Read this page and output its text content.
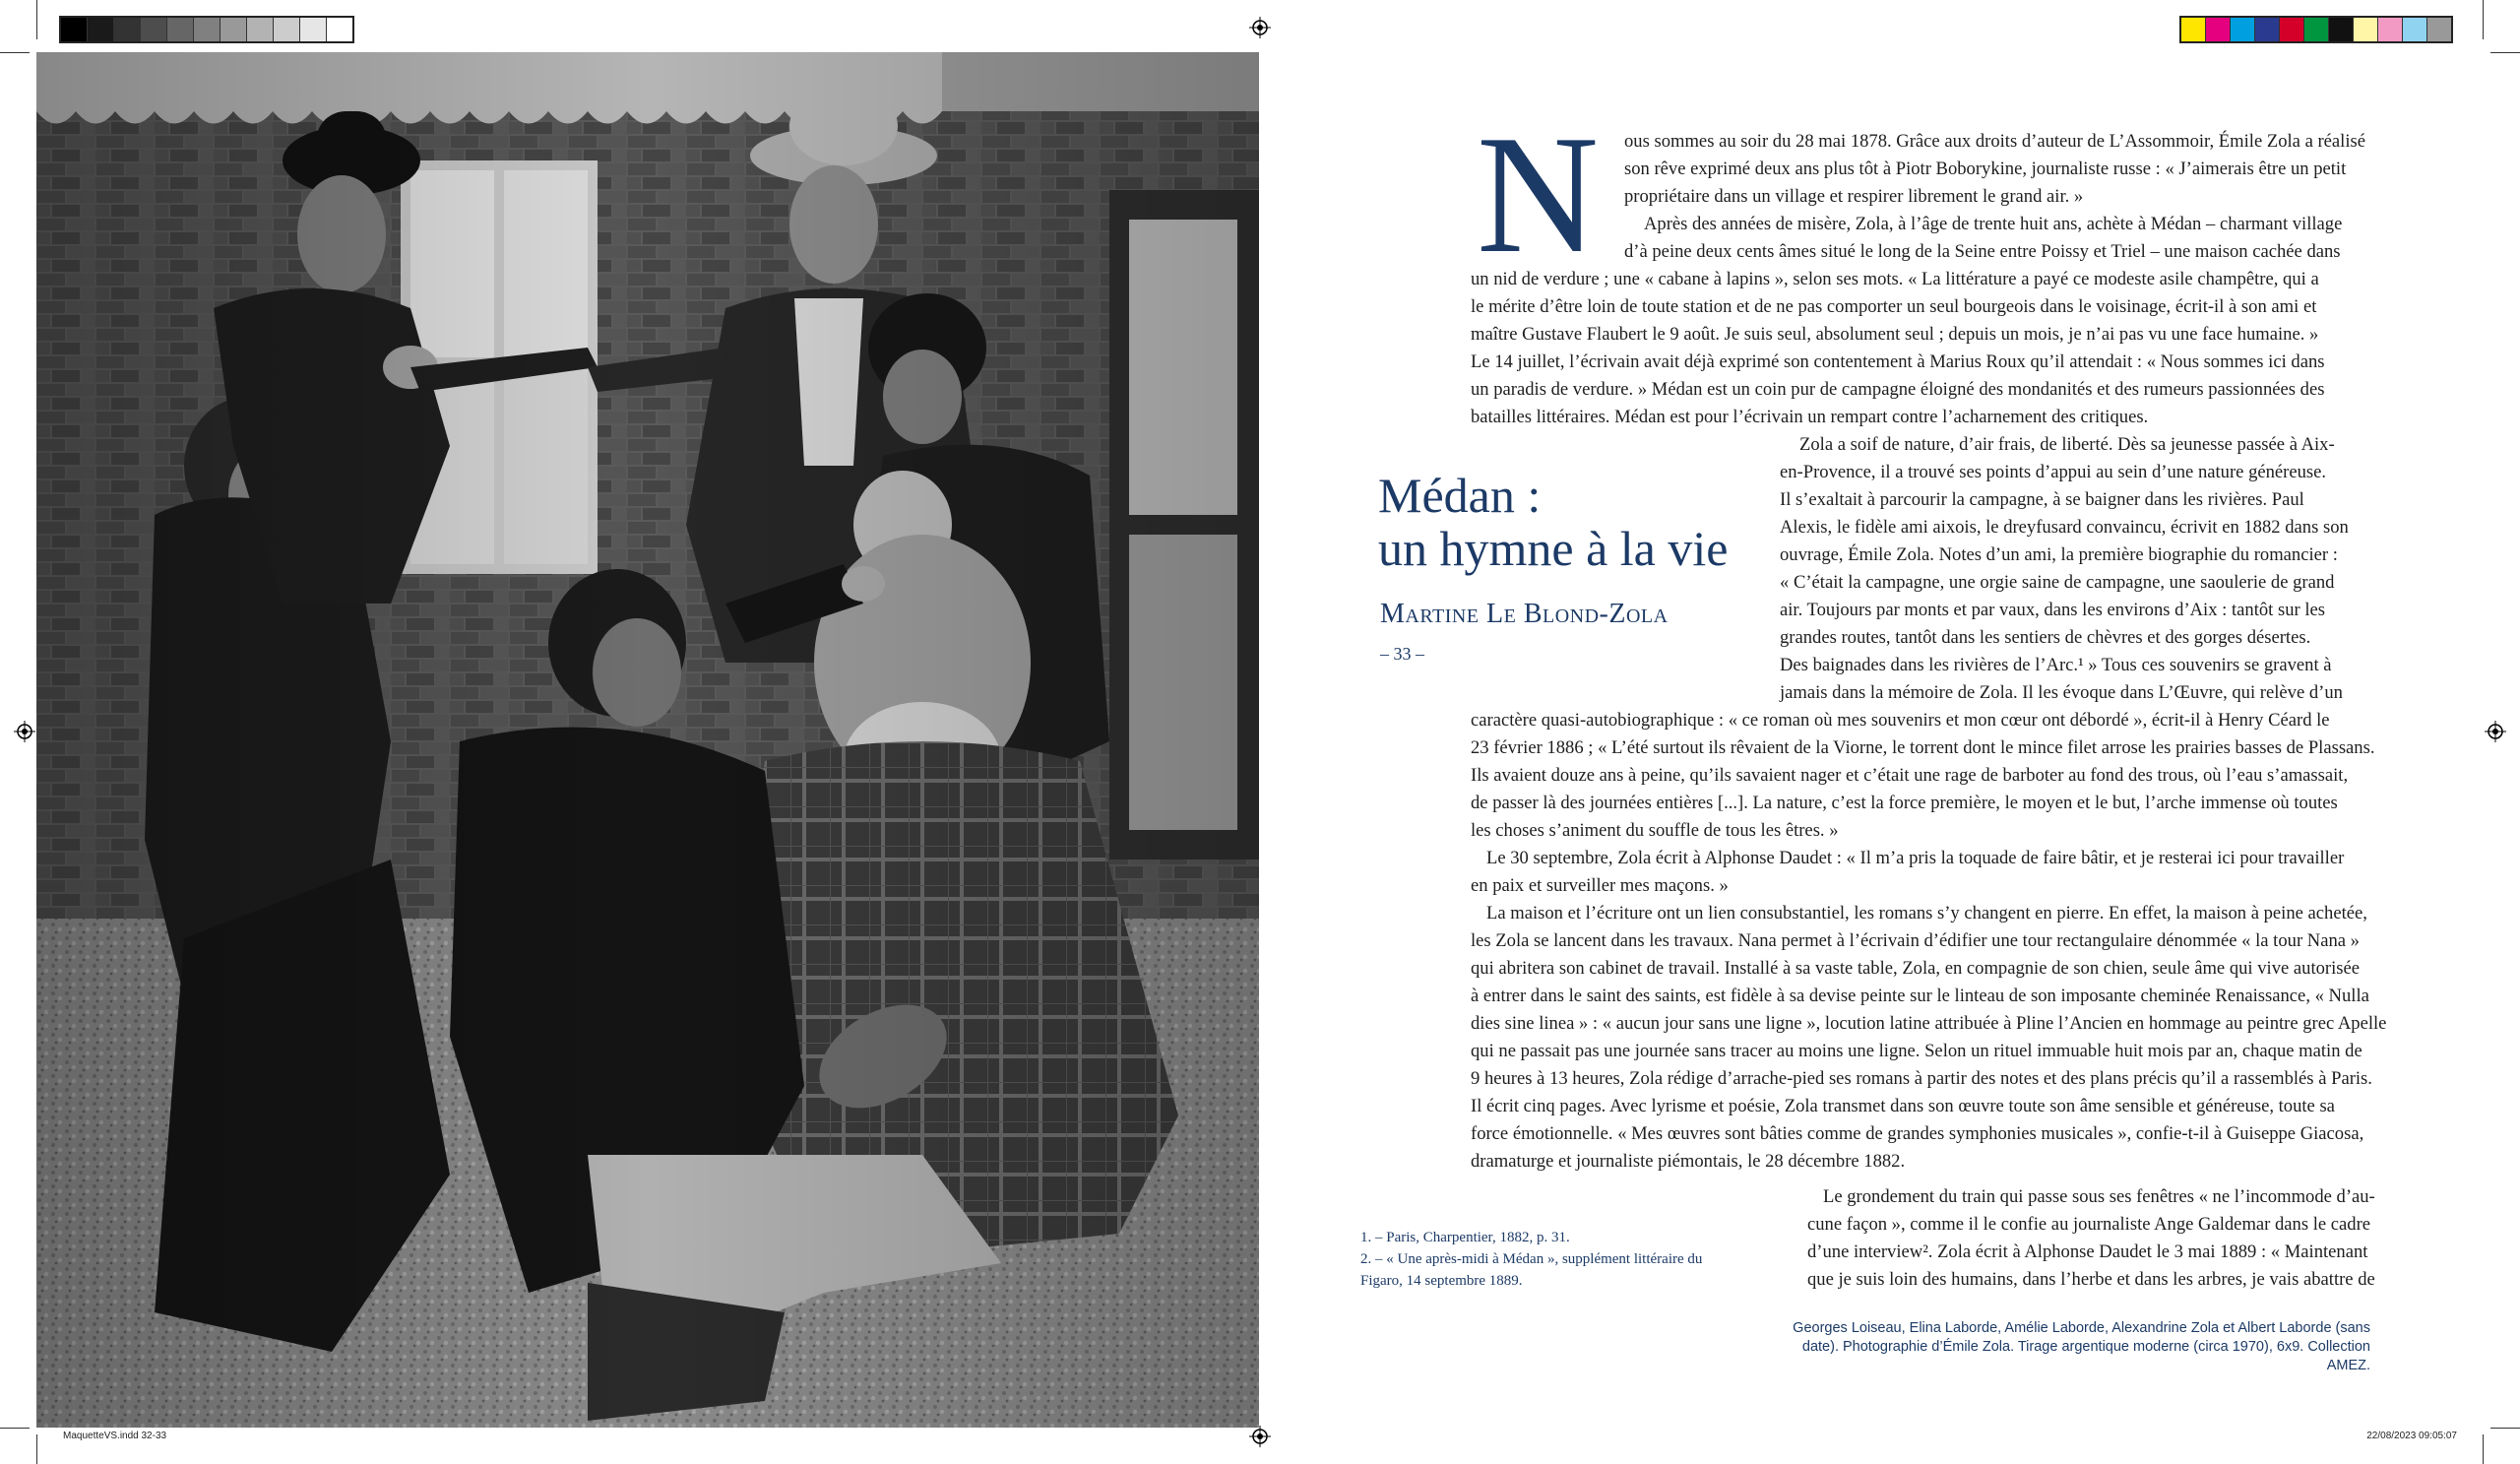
MaquetteVS.indd 32-33	22/08/2023 09:05:07
Médan :
un hymne à la vie
Martine Le Blond-Zola
– 33 –
N ous sommes au soir du 28 mai 1878. Grâce aux droits d’auteur de L’Assommoir, Émile Zola a réalisé
son rêve exprimé deux ans plus tôt à Piotr Boborykine, journaliste russe : « J’aimerais être un petit
propriétaire dans un village et respirer librement le grand air. »
Après des années de misère, Zola, à l’âge de trente huit ans, achète à Médan – charmant village
d’à peine deux cents âmes situé le long de la Seine entre Poissy et Triel – une maison cachée dans
un nid de verdure ; une « cabane à lapins », selon ses mots. « La littérature a payé ce modeste asile champêtre, qui a
le mérite d’être loin de toute station et de ne pas comporter un seul bourgeois dans le voisinage, écrit-il à son ami et
maître Gustave Flaubert le 9 août. Je suis seul, absolument seul ; depuis un mois, je n’ai pas vu une face humaine. »
Le 14 juillet, l’écrivain avait déjà exprimé son contentement à Marius Roux qu’il attendait : « Nous sommes ici dans
un paradis de verdure. » Médan est un coin pur de campagne éloigné des mondanités et des rumeurs passionnées des
batailles littéraires. Médan est pour l’écrivain un rempart contre l’acharnement des critiques.
Zola a soif de nature, d’air frais, de liberté. Dès sa jeunesse passée à Aix-
en-Provence, il a trouvé ses points d’appui au sein d’une nature généreuse.
Il s’exaltait à parcourir la campagne, à se baigner dans les rivières. Paul
Alexis, le fidèle ami aixois, le dreyfusard convaincu, écrivit en 1882 dans son
ouvrage, Émile Zola. Notes d’un ami, la première biographie du romancier :
« C’était la campagne, une orgie saine de campagne, une saoulerie de grand
air. Toujours par monts et par vaux, dans les environs d’Aix : tantôt sur les
grandes routes, tantôt dans les sentiers de chèvres et des gorges désertes.
Des baignades dans les rivières de l’Arc.¹ » Tous ces souvenirs se gravent à
jamais dans la mémoire de Zola. Il les évoque dans L’Œuvre, qui relève d’un
caractère quasi-autobiographique : « ce roman où mes souvenirs et mon cœur ont débordé », écrit-il à Henry Céard le
23 février 1886 ; « L’été surtout ils rêvaient de la Viorne, le torrent dont le mince filet arrose les prairies basses de Plassans.
Ils avaient douze ans à peine, qu’ils savaient nager et c’était une rage de barboter au fond des trous, où l’eau s’amassait,
de passer là des journées entières [...]. La nature, c’est la force première, le moyen et le but, l’arche immense où toutes
les choses s’animent du souffle de tous les êtres. »
Le 30 septembre, Zola écrit à Alphonse Daudet : « Il m’a pris la toquade de faire bâtir, et je resterai ici pour travailler
en paix et surveiller mes maçons. »
La maison et l’écriture ont un lien consubstantiel, les romans s’y changent en pierre. En effet, la maison à peine achetée,
les Zola se lancent dans les travaux. Nana permet à l’écrivain d’édifier une tour rectangulaire dénommée « la tour Nana »
qui abritera son cabinet de travail. Installé à sa vaste table, Zola, en compagnie de son chien, seule âme qui vive autorisée
à entrer dans le saint des saints, est fidèle à sa devise peinte sur le linteau de son imposante cheminée Renaissance, « Nulla
dies sine linea » : « aucun jour sans une ligne », locution latine attribuée à Pline l’Ancien en hommage au peintre grec Apelle
qui ne passait pas une journée sans tracer au moins une ligne. Selon un rituel immuable huit mois par an, chaque matin de
9 heures à 13 heures, Zola rédige d’arrache-pied ses romans à partir des notes et des plans précis qu’il a rassemblés à Paris.
Il écrit cinq pages. Avec lyrisme et poésie, Zola transmet dans son œuvre toute son âme sensible et généreuse, toute sa
force émotionnelle. « Mes œuvres sont bâties comme de grandes symphonies musicales », confie-t-il à Guiseppe Giacosa,
dramaturge et journaliste piémontais, le 28 décembre 1882.
Le grondement du train qui passe sous ses fenêtres « ne l’incommode d’au-
cune façon », comme il le confie au journaliste Ange Galdemar dans le cadre
d’une interview². Zola écrit à Alphonse Daudet le 3 mai 1889 : « Maintenant
que je suis loin des humains, dans l’herbe et dans les arbres, je vais abattre de
1. – Paris, Charpentier, 1882, p. 31.
2. – « Une après-midi à Médan », supplément littéraire du
Figaro, 14 septembre 1889.
Georges Loiseau, Elina Laborde, Amélie Laborde, Alexandrine Zola et Albert Laborde (sans date). Photographie d’Émile Zola. Tirage argentique moderne (circa 1970), 6x9. Collection AMEZ.
